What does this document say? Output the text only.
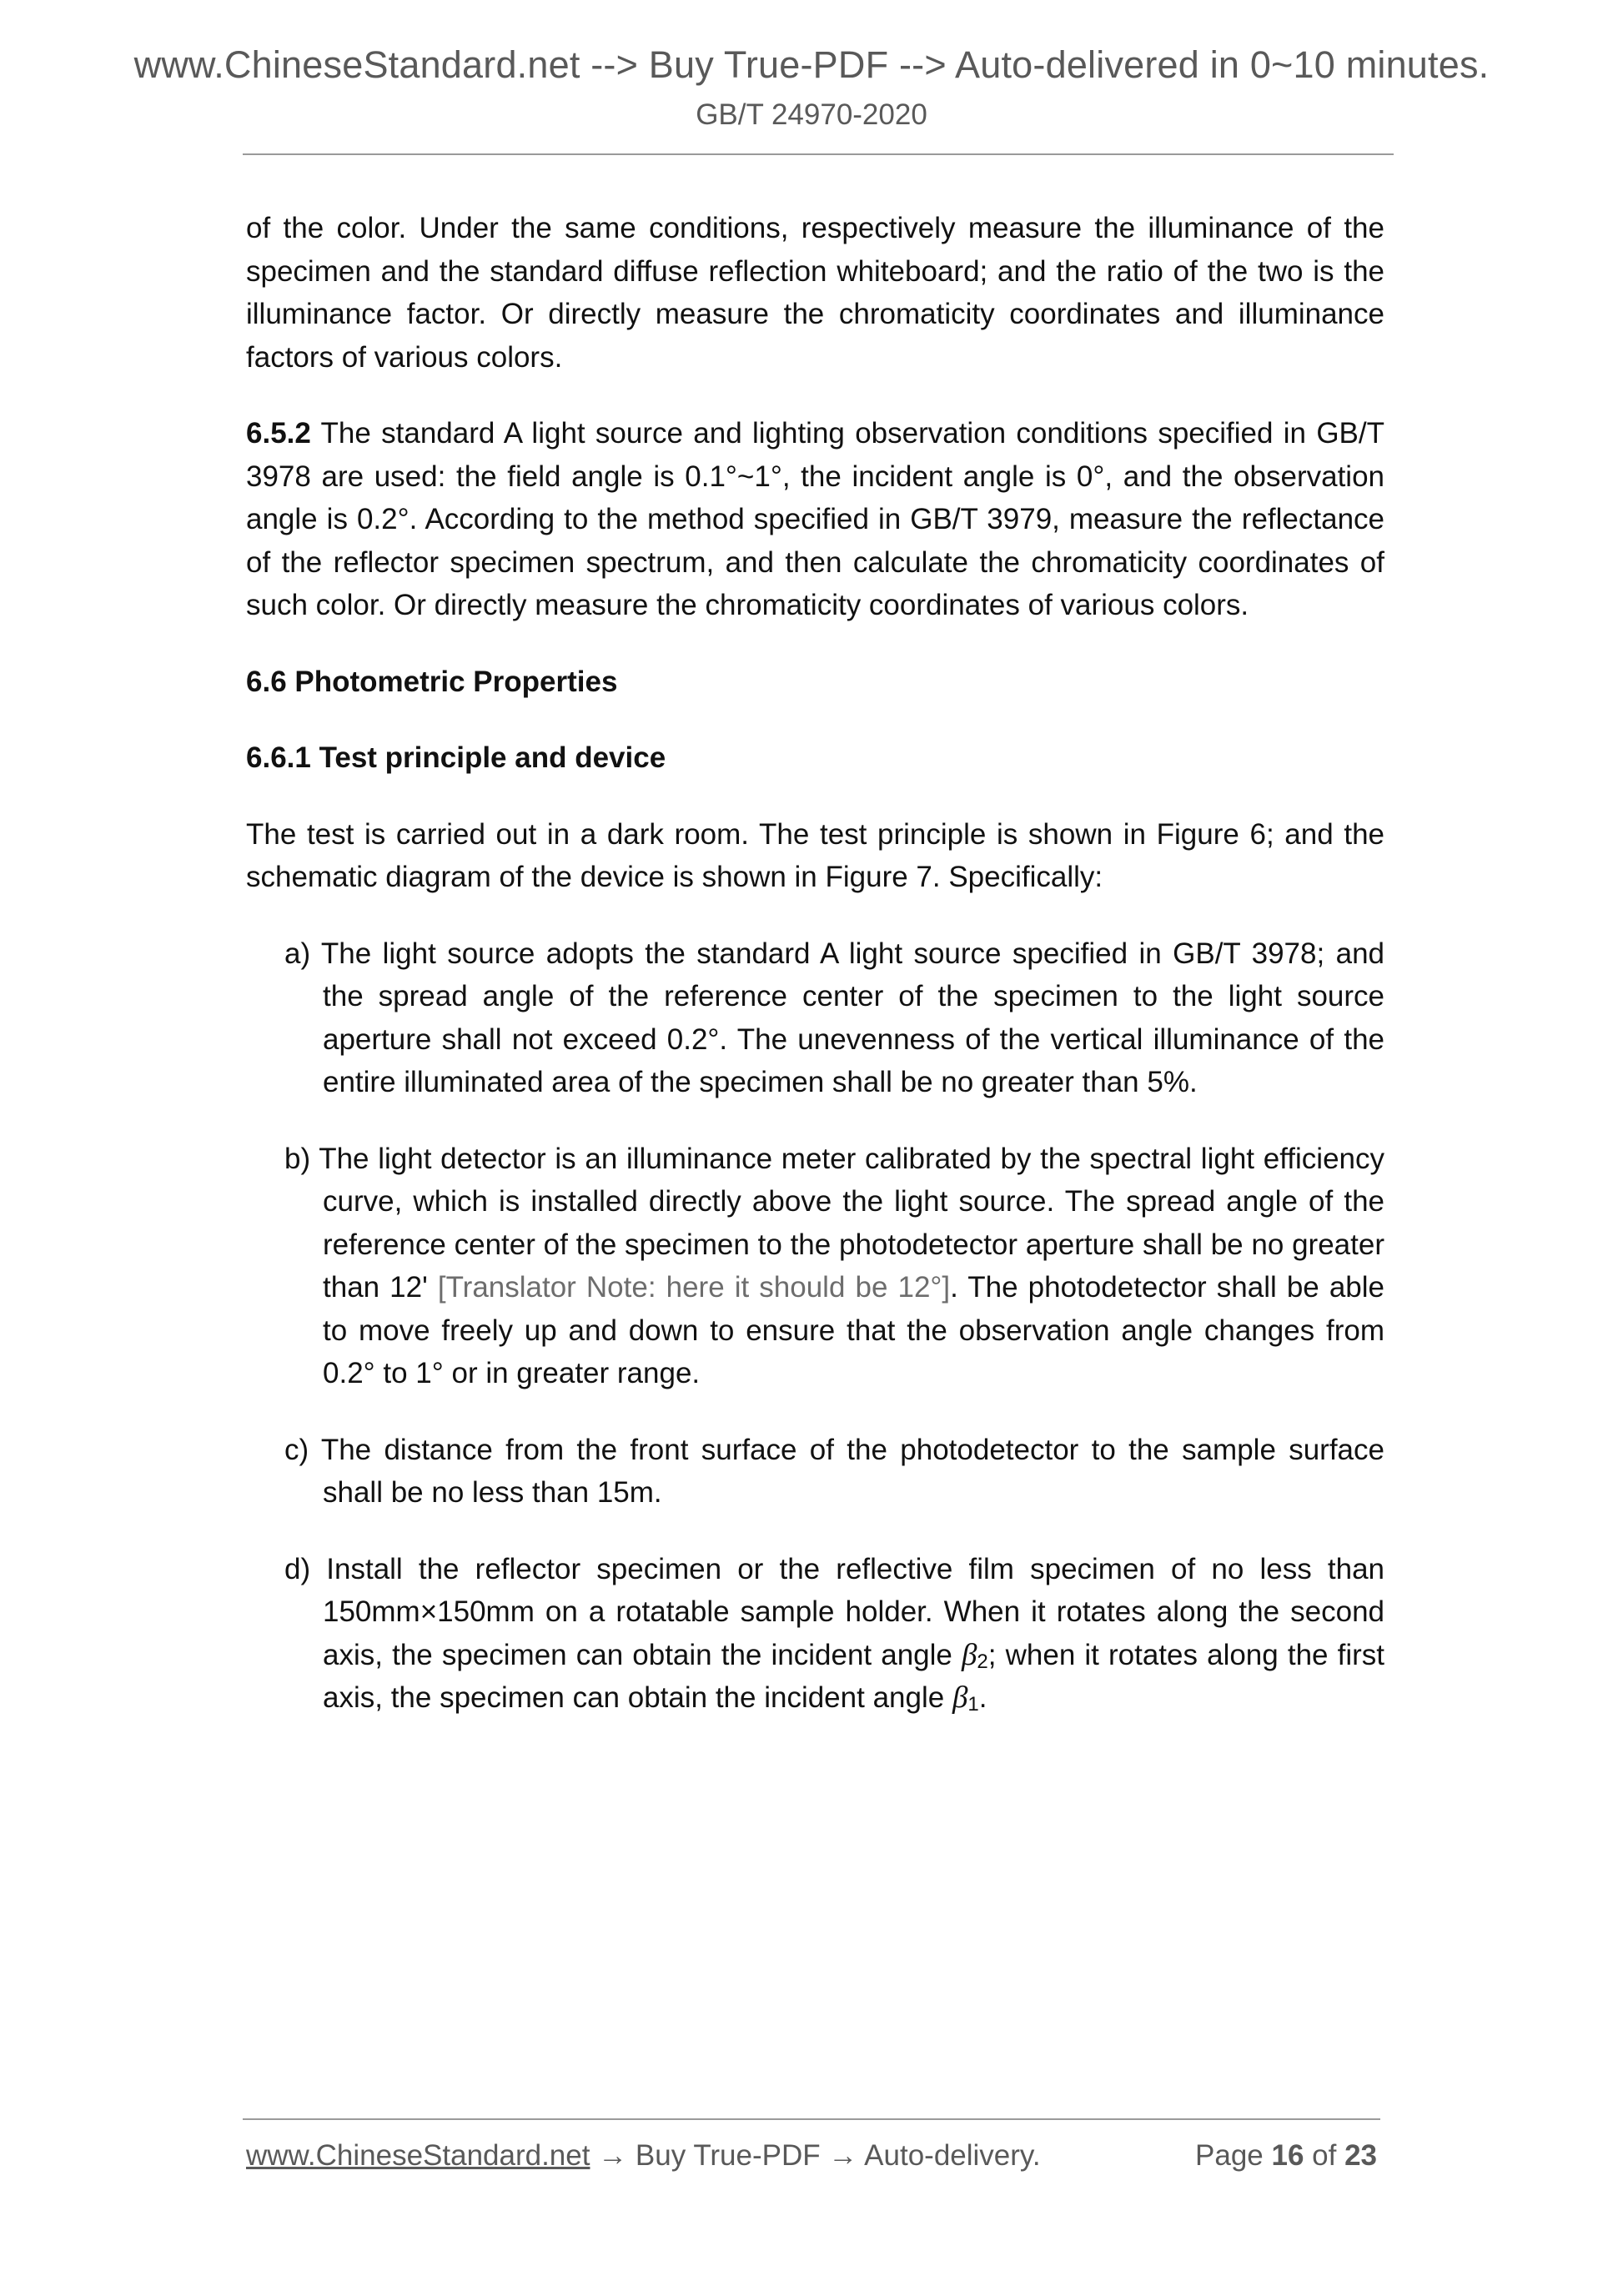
www.ChineseStandard.net --> Buy True-PDF --> Auto-delivered in 0~10 minutes.
GB/T 24970-2020

of the color. Under the same conditions, respectively measure the illuminance of the specimen and the standard diffuse reflection whiteboard; and the ratio of the two is the illuminance factor. Or directly measure the chromaticity coordinates and illuminance factors of various colors.

6.5.2 The standard A light source and lighting observation conditions specified in GB/T 3978 are used: the field angle is 0.1°~1°, the incident angle is 0°, and the observation angle is 0.2°. According to the method specified in GB/T 3979, measure the reflectance of the reflector specimen spectrum, and then calculate the chromaticity coordinates of such color. Or directly measure the chromaticity coordinates of various colors.

6.6 Photometric Properties

6.6.1 Test principle and device

The test is carried out in a dark room. The test principle is shown in Figure 6; and the schematic diagram of the device is shown in Figure 7. Specifically:

a) The light source adopts the standard A light source specified in GB/T 3978; and the spread angle of the reference center of the specimen to the light source aperture shall not exceed 0.2°. The unevenness of the vertical illuminance of the entire illuminated area of the specimen shall be no greater than 5%.

b) The light detector is an illuminance meter calibrated by the spectral light efficiency curve, which is installed directly above the light source. The spread angle of the reference center of the specimen to the photodetector aperture shall be no greater than 12' [Translator Note: here it should be 12°]. The photodetector shall be able to move freely up and down to ensure that the observation angle changes from 0.2° to 1° or in greater range.

c) The distance from the front surface of the photodetector to the sample surface shall be no less than 15m.

d) Install the reflector specimen or the reflective film specimen of no less than 150mm×150mm on a rotatable sample holder. When it rotates along the second axis, the specimen can obtain the incident angle β2; when it rotates along the first axis, the specimen can obtain the incident angle β1.

www.ChineseStandard.net → Buy True-PDF → Auto-delivery.	Page 16 of 23
